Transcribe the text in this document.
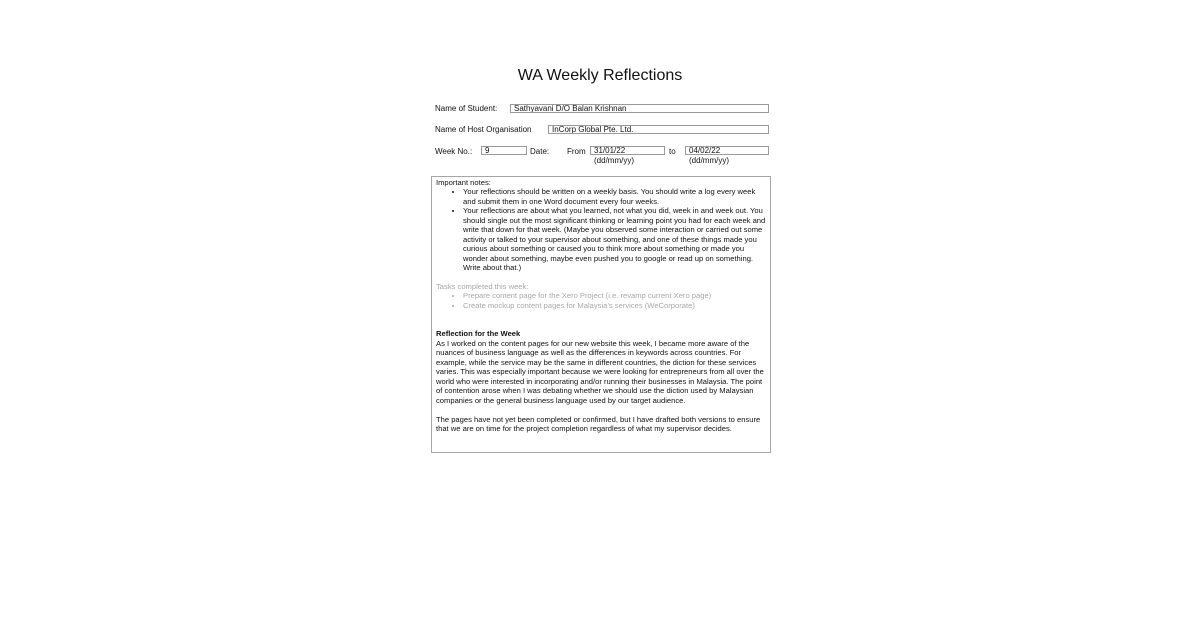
WA Weekly Reflections
Name of Student:	Sathyavani D/O Balan Krishnan
Name of Host Organisation	InCorp Global Pte. Ltd.
Week No.:	9	Date: From	31/01/22	to	04/02/22
(dd/mm/yy)	(dd/mm/yy)

Important notes:

• Your reflections should be written on a weekly basis. You should write a log every week and submit them in one Word document every four weeks.
• Your reflections are about what you learned, not what you did, week in and week out. You should single out the most significant thinking or learning point you had for each week and write that down for that week. (Maybe you observed some interaction or carried out some activity or talked to your supervisor about something, and one of these things made you curious about something or caused you to think more about something or made you wonder about something, maybe even pushed you to google or read up on something. Write about that.)

Tasks completed this week:

• Prepare content page for the Xero Project (i.e. revamp current Xero page)
• Create mockup content pages for Malaysia’s services (WeCorporate)

Reflection for the Week

As I worked on the content pages for our new website this week, I became more aware of the nuances of business language as well as the differences in keywords across countries. For example, while the service may be the same in different countries, the diction for these services varies. This was especially important because we were looking for entrepreneurs from all over the world who were interested in incorporating and/or running their businesses in Malaysia. The point of contention arose when I was debating whether we should use the diction used by Malaysian companies or the general business language used by our target audience.

The pages have not yet been completed or confirmed, but I have drafted both versions to ensure that we are on time for the project completion regardless of what my supervisor decides.
